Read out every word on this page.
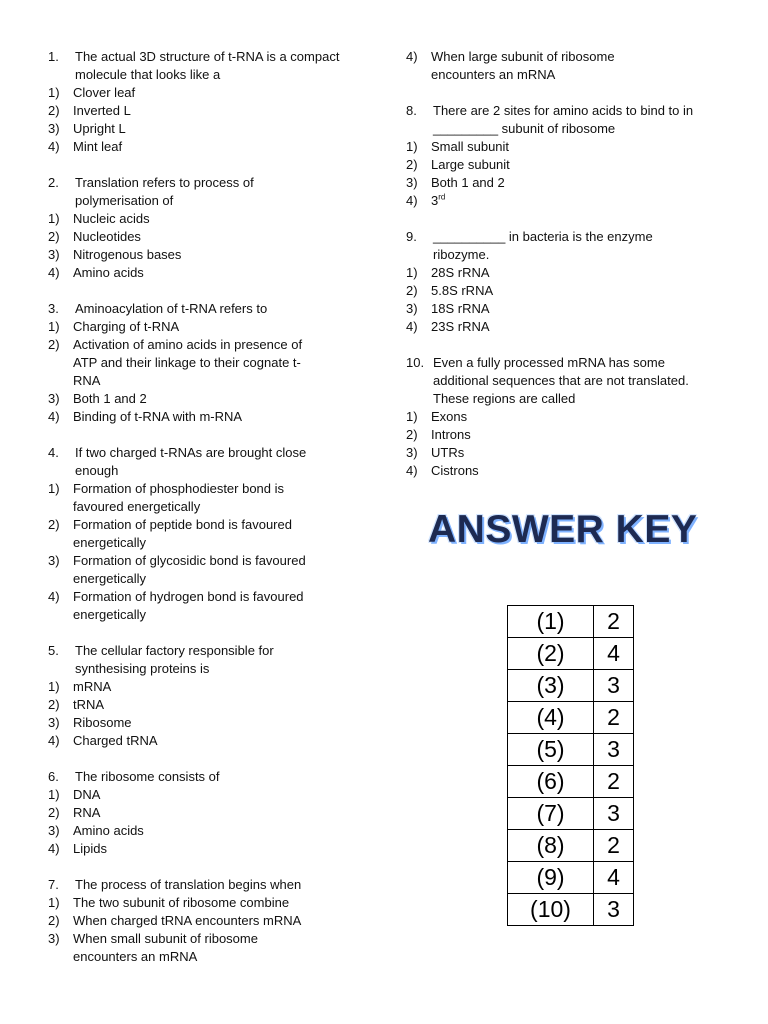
1.	The actual 3D structure of t-RNA is a compact
molecule that looks like a
1)	Clover leaf
2)	Inverted L
3)	Upright L
4)	Mint leaf
2.	Translation refers to process of
polymerisation of
1)	Nucleic acids
2)	Nucleotides
3)	Nitrogenous bases
4)	Amino acids
3.	Aminoacylation of t-RNA refers to
1)	Charging of t-RNA
2)	Activation of amino acids in presence of
ATP and their linkage to their cognate t-
RNA
3)	Both 1 and 2
4)	Binding of t-RNA with m-RNA
4.	If two charged t-RNAs are brought close
enough
1)	Formation of phosphodiester bond is
favoured energetically
2)	Formation of peptide bond is favoured
energetically
3)	Formation of glycosidic bond is favoured
energetically
4)	Formation of hydrogen bond is favoured
energetically
5.	The cellular factory responsible for
synthesising proteins is
1)	mRNA
2)	tRNA
3)	Ribosome
4)	Charged tRNA
6.	The ribosome consists of
1)	DNA
2)	RNA
3)	Amino acids
4)	Lipids
7.	The process of translation begins when
1)	The two subunit of ribosome combine
2)	When charged tRNA encounters mRNA
3)	When small subunit of ribosome
encounters an mRNA
4)	When large subunit of ribosome
encounters an mRNA
8.	There are 2 sites for amino acids to bind to in
_________ subunit of ribosome
1)	Small subunit
2)	Large subunit
3)	Both 1 and 2
4)	3rd
9.	__________ in bacteria is the enzyme
ribozyme.
1)	28S rRNA
2)	5.8S rRNA
3)	18S rRNA
4)	23S rRNA
10. Even a fully processed mRNA has some
additional sequences that are not translated.
These regions are called
1)	Exons
2)	Introns
3)	UTRs
4)	Cistrons
ANSWER KEY
(1)	2
(2)	4
(3)	3
(4)	2
(5)	3
(6)	2
(7)	3
(8)	2
(9)	4
(10)	3
